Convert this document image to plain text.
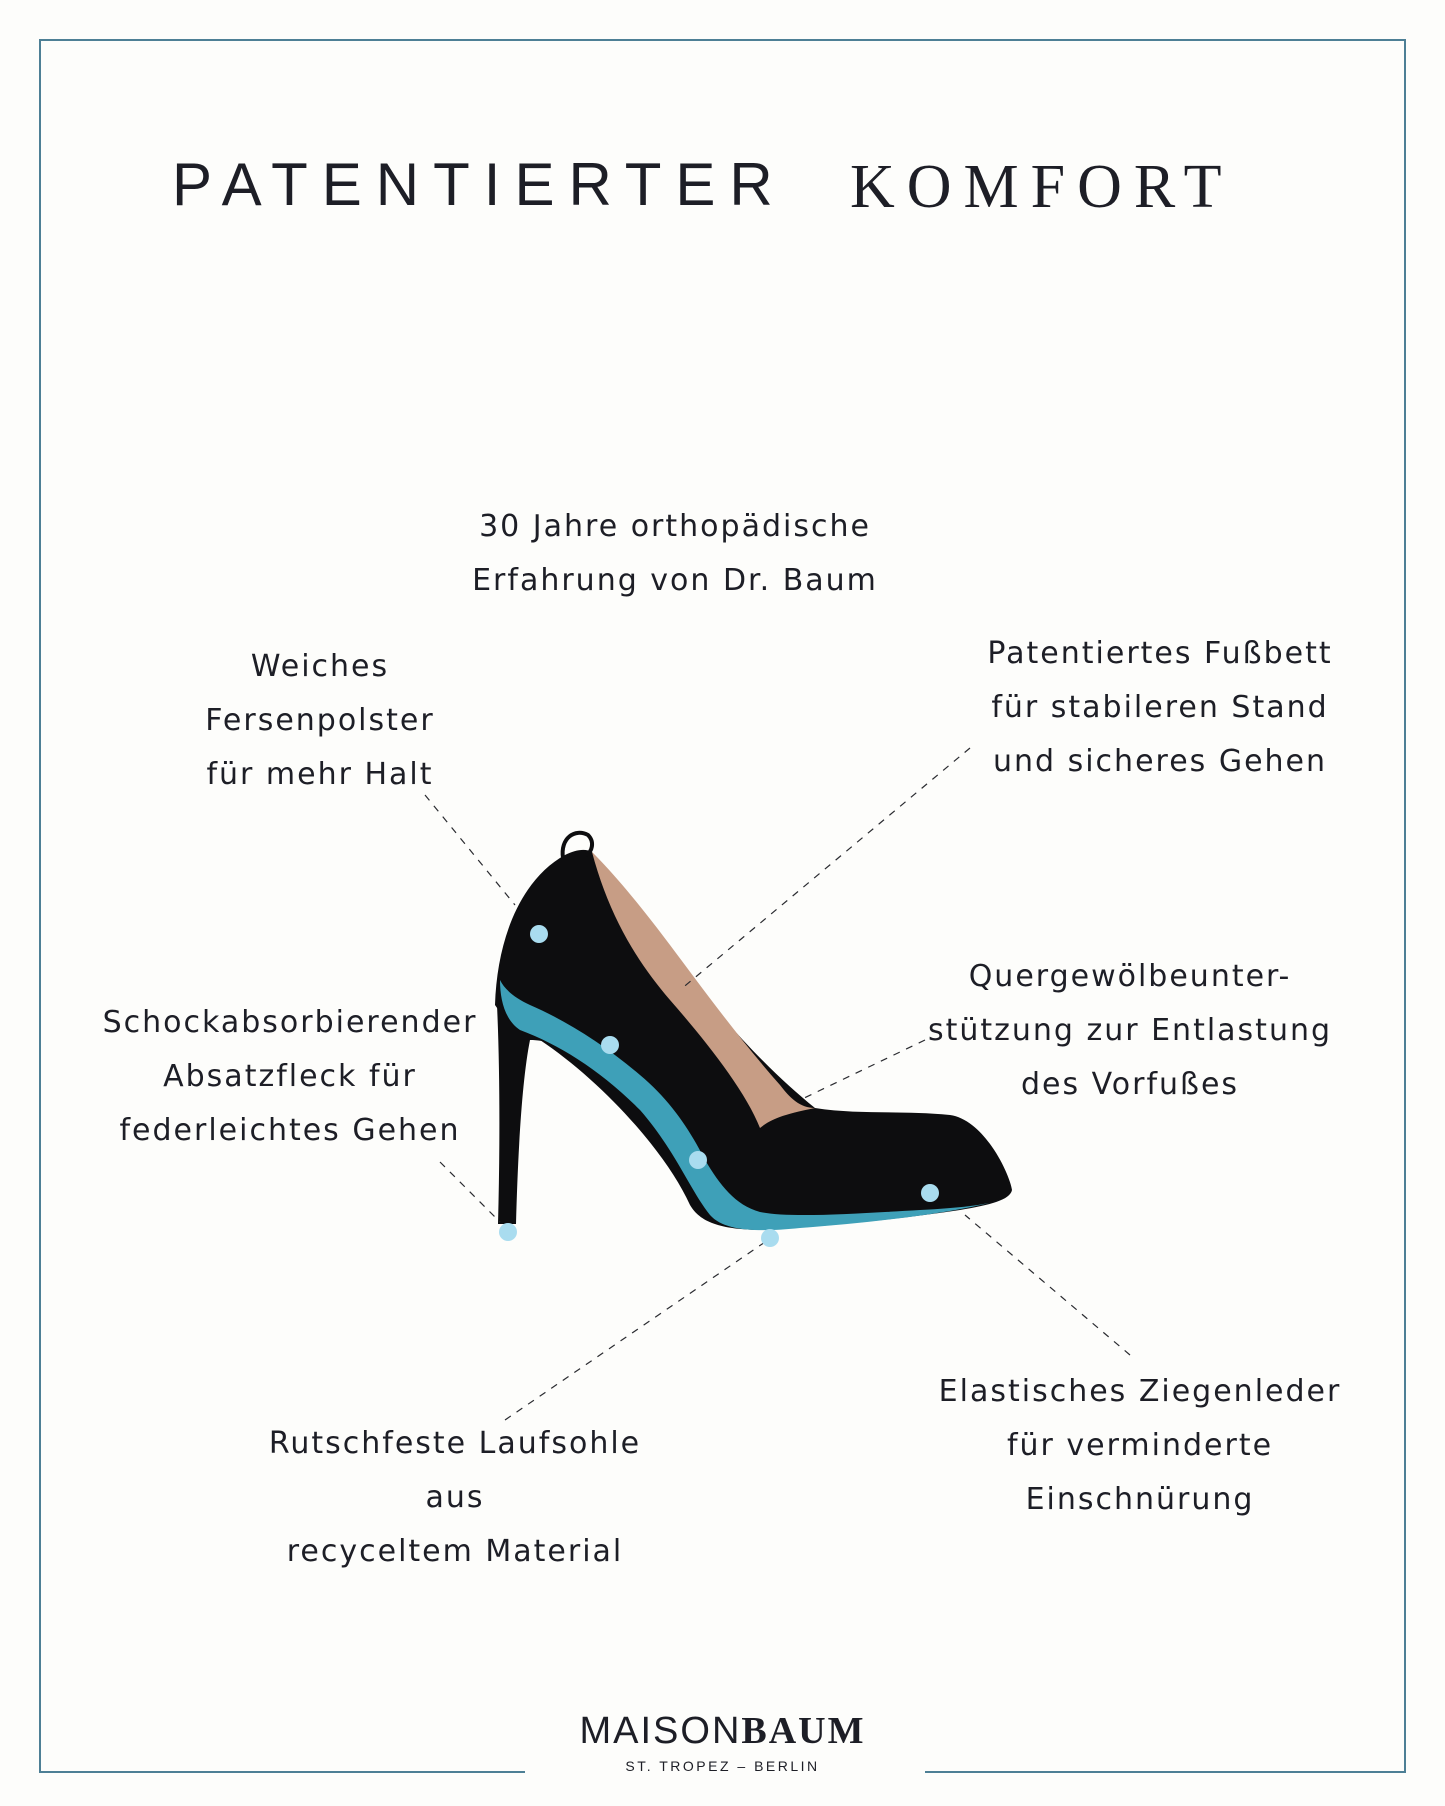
PATENTIERTER KOMFORT
30 Jahre orthopädische
Erfahrung von Dr. Baum
Weiches
Fersenpolster
für mehr Halt
Patentiertes Fußbett
für stabileren Stand
und sicheres Gehen
Quergewölbeunter-
stützung zur Entlastung
des Vorfußes
Schockabsorbierender
Absatzfleck für
federleichtes Gehen
Rutschfeste Laufsohle
aus
recyceltem Material
Elastisches Ziegenleder
für verminderte
Einschnürung
MAISONBAUM
ST. TROPEZ – BERLIN
